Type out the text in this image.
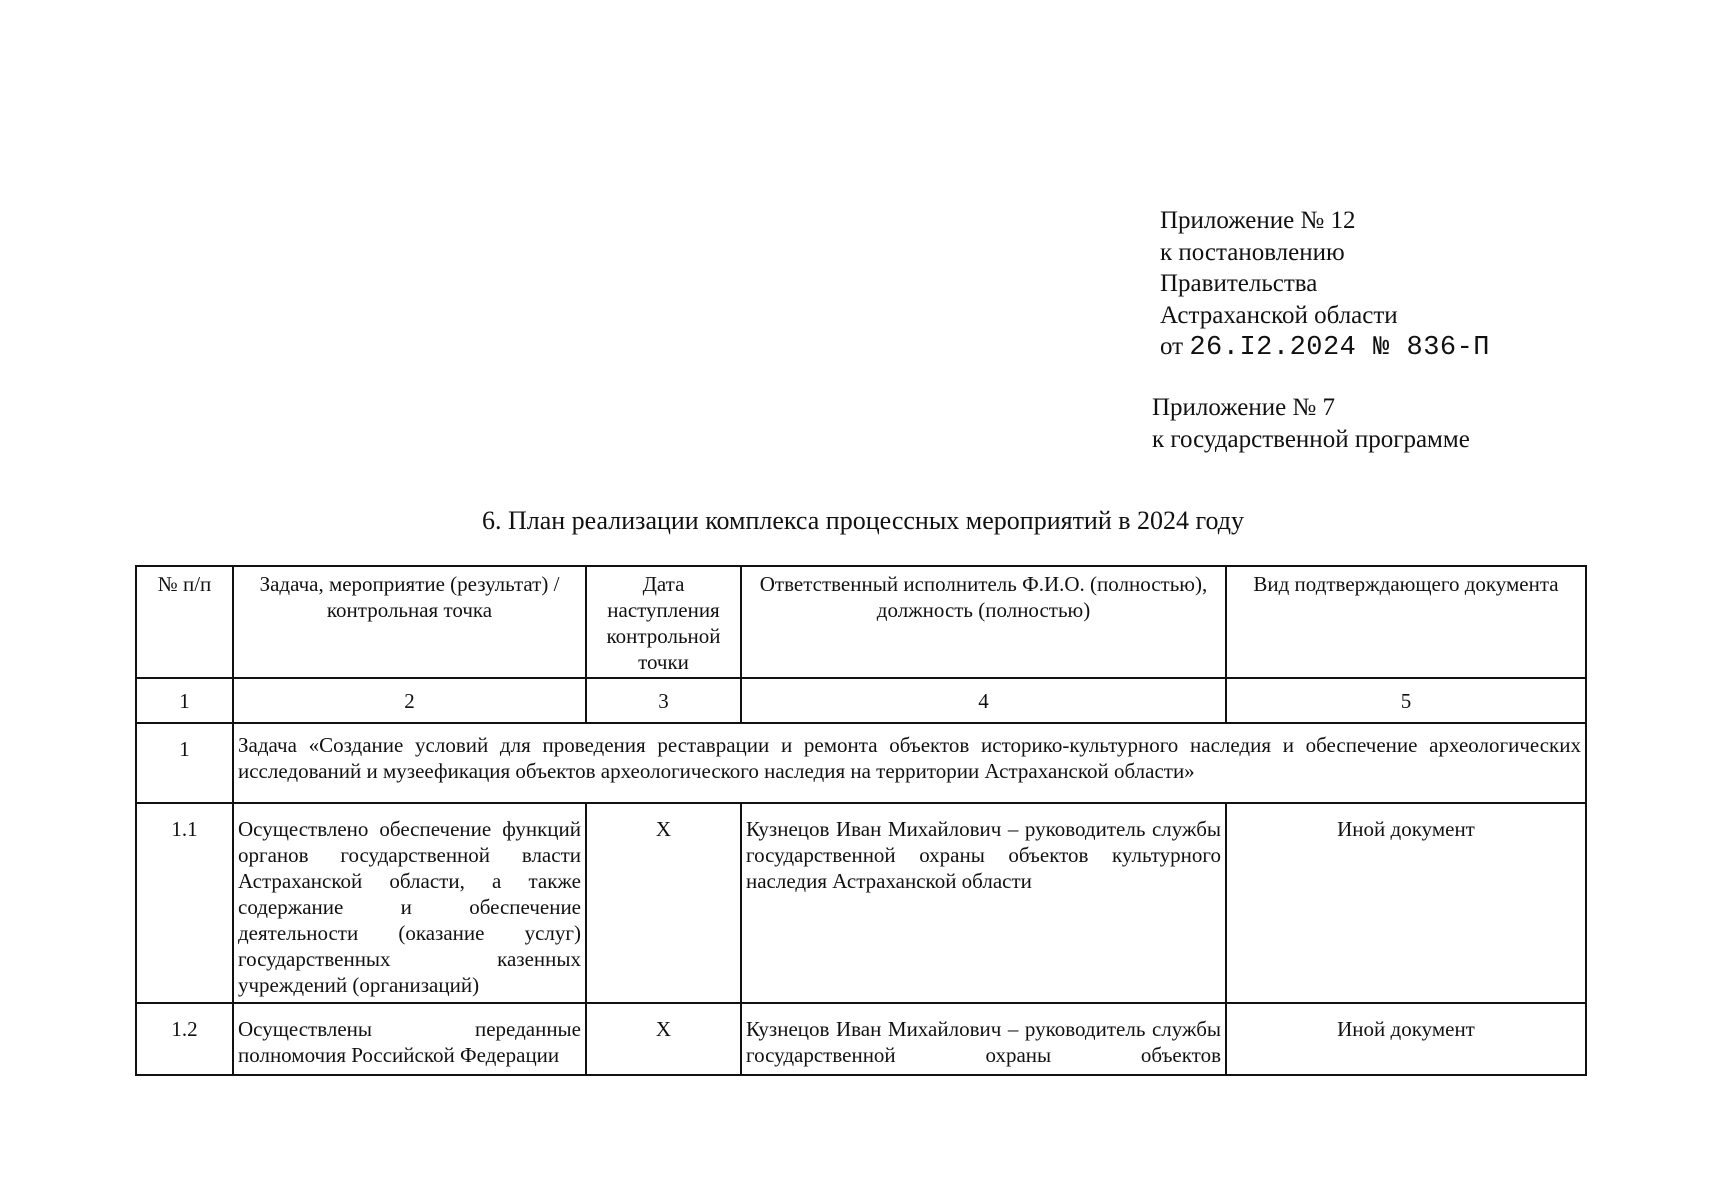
Приложение № 12
к постановлению
Правительства
Астраханской области
от 26.I2.2024 № 836-П
Приложение № 7
к государственной программе
6. План реализации комплекса процессных мероприятий в 2024 году
№ п/п	Задача, мероприятие (результат) / контрольная точка	Дата наступления контрольной точки	Ответственный исполнитель Ф.И.О. (полностью), должность (полностью)	Вид подтверждающего документа
1	2	3	4	5
1	Задача «Создание условий для проведения реставрации и ремонта объектов историко-культурного наследия и обеспечение археологических исследований и музеефикация объектов археологического наследия на территории Астраханской области»			
1.1	Осуществлено обеспечение функций органов государственной власти Астраханской области, а также содержание и обеспечение деятельности (оказание услуг) государственных казенных учреждений (организаций)	Х	Кузнецов Иван Михайлович – руководитель службы государственной охраны объектов культурного наследия Астраханской области	Иной документ
1.2	Осуществлены переданные полномочия Российской Федерации	Х	Кузнецов Иван Михайлович – руководитель службы государственной охраны объектов	Иной документ
